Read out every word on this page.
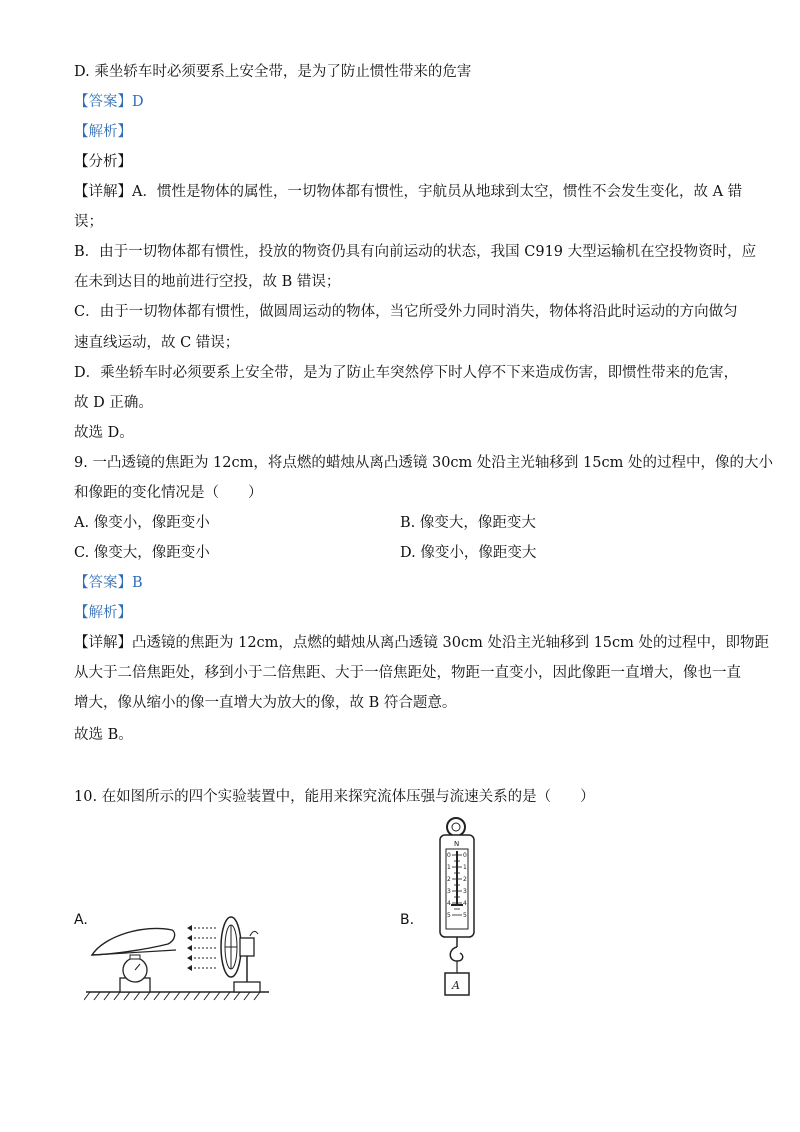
D. 乘坐轿车时必须要系上安全带，是为了防止惯性带来的危害
【答案】D
【解析】
【分析】
【详解】A．惯性是物体的属性，一切物体都有惯性，宇航员从地球到太空，惯性不会发生变化，故 A 错
误；
B．由于一切物体都有惯性，投放的物资仍具有向前运动的状态，我国 C919 大型运输机在空投物资时，应
在未到达目的地前进行空投，故 B 错误；
C．由于一切物体都有惯性，做圆周运动的物体，当它所受外力同时消失，物体将沿此时运动的方向做匀
速直线运动，故 C 错误；
D．乘坐轿车时必须要系上安全带，是为了防止车突然停下时人停不下来造成伤害，即惯性带来的危害，
故 D 正确。
故选 D。
9. 一凸透镜的焦距为 12cm，将点燃的蜡烛从离凸透镜 30cm 处沿主光轴移到 15cm 处的过程中，像的大小
和像距的变化情况是（　　）
A. 像变小，像距变小	B. 像变大，像距变大
C. 像变大，像距变小	D. 像变小，像距变大
【答案】B
【解析】
【详解】凸透镜的焦距为 12cm，点燃的蜡烛从离凸透镜 30cm 处沿主光轴移到 15cm 处的过程中，即物距
从大于二倍焦距处，移到小于二倍焦距、大于一倍焦距处，物距一直变小，因此像距一直增大，像也一直
增大，像从缩小的像一直增大为放大的像，故 B 符合题意。
故选 B。
10. 在如图所示的四个实验装置中，能用来探究流体压强与流速关系的是（　　）
A.	B.
N
0
1
2
3
4
5
0
1
2
3
4
5
A
